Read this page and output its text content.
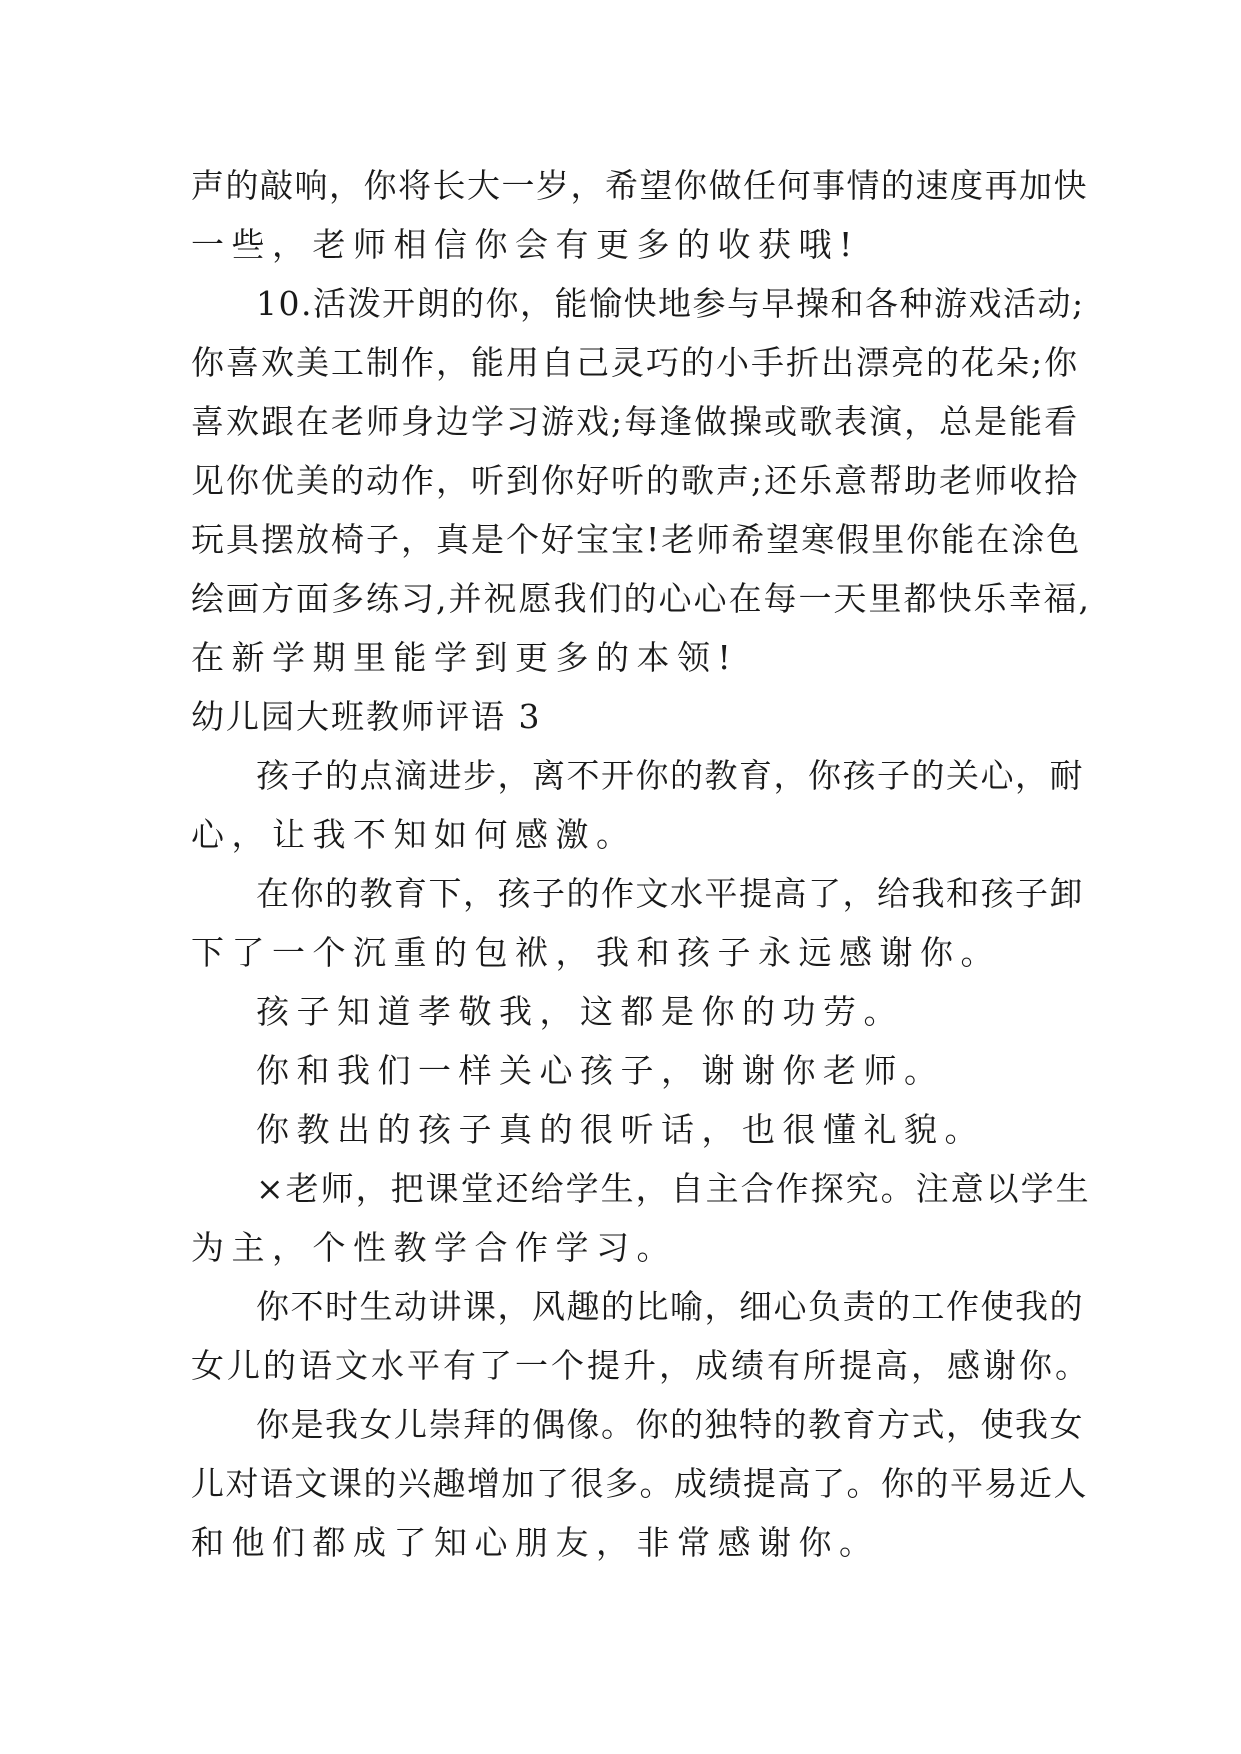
声的敲响，你将长大一岁，希望你做任何事情的速度再加快
一些，老师相信你会有更多的收获哦!
10.活泼开朗的你，能愉快地参与早操和各种游戏活动;
你喜欢美工制作，能用自己灵巧的小手折出漂亮的花朵;你
喜欢跟在老师身边学习游戏;每逢做操或歌表演，总是能看
见你优美的动作，听到你好听的歌声;还乐意帮助老师收拾
玩具摆放椅子，真是个好宝宝!老师希望寒假里你能在涂色
绘画方面多练习,并祝愿我们的心心在每一天里都快乐幸福,
在新学期里能学到更多的本领!
幼儿园大班教师评语 3
孩子的点滴进步，离不开你的教育，你孩子的关心，耐
心，让我不知如何感激。
在你的教育下，孩子的作文水平提高了，给我和孩子卸
下了一个沉重的包袱，我和孩子永远感谢你。
孩子知道孝敬我，这都是你的功劳。
你和我们一样关心孩子，谢谢你老师。
你教出的孩子真的很听话，也很懂礼貌。
×老师，把课堂还给学生，自主合作探究。注意以学生
为主，个性教学合作学习。
你不时生动讲课，风趣的比喻，细心负责的工作使我的
女儿的语文水平有了一个提升，成绩有所提高，感谢你。
你是我女儿崇拜的偶像。你的独特的教育方式，使我女
儿对语文课的兴趣增加了很多。成绩提高了。你的平易近人
和他们都成了知心朋友，非常感谢你。
